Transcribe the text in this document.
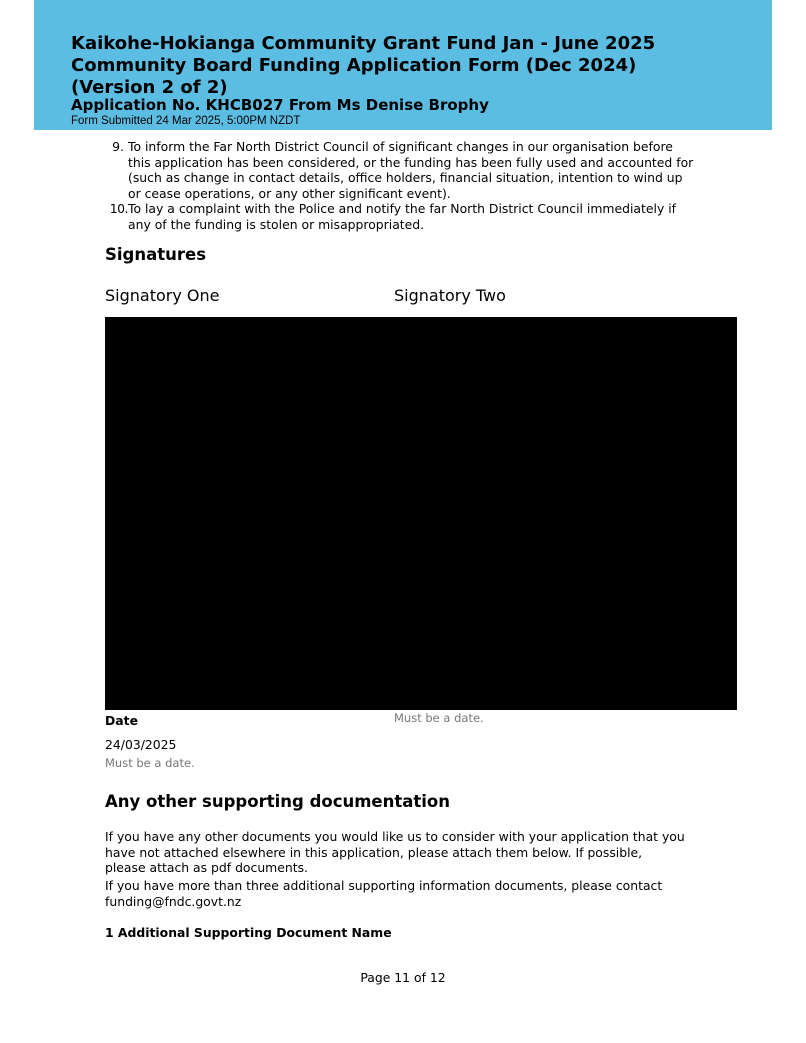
Kaikohe-Hokianga Community Grant Fund Jan - June 2025 Community Board Funding Application Form (Dec 2024) (Version 2 of 2)

Application No. KHCB027 From Ms Denise Brophy

Form Submitted 24 Mar 2025, 5:00PM NZDT

9. To inform the Far North District Council of significant changes in our organisation before this application has been considered, or the funding has been fully used and accounted for (such as change in contact details, office holders, financial situation, intention to wind up or cease operations, or any other significant event).
10. To lay a complaint with the Police and notify the far North District Council immediately if any of the funding is stolen or misappropriated.
Signatures

Signatory One	Signatory Two

Date	Must be a date.

24/03/2025

Must be a date.

Any other supporting documentation

If you have any other documents you would like us to consider with your application that you have not attached elsewhere in this application, please attach them below. If possible, please attach as pdf documents.

If you have more than three additional supporting information documents, please contact funding@fndc.govt.nz

1 Additional Supporting Document Name

Page 11 of 12
